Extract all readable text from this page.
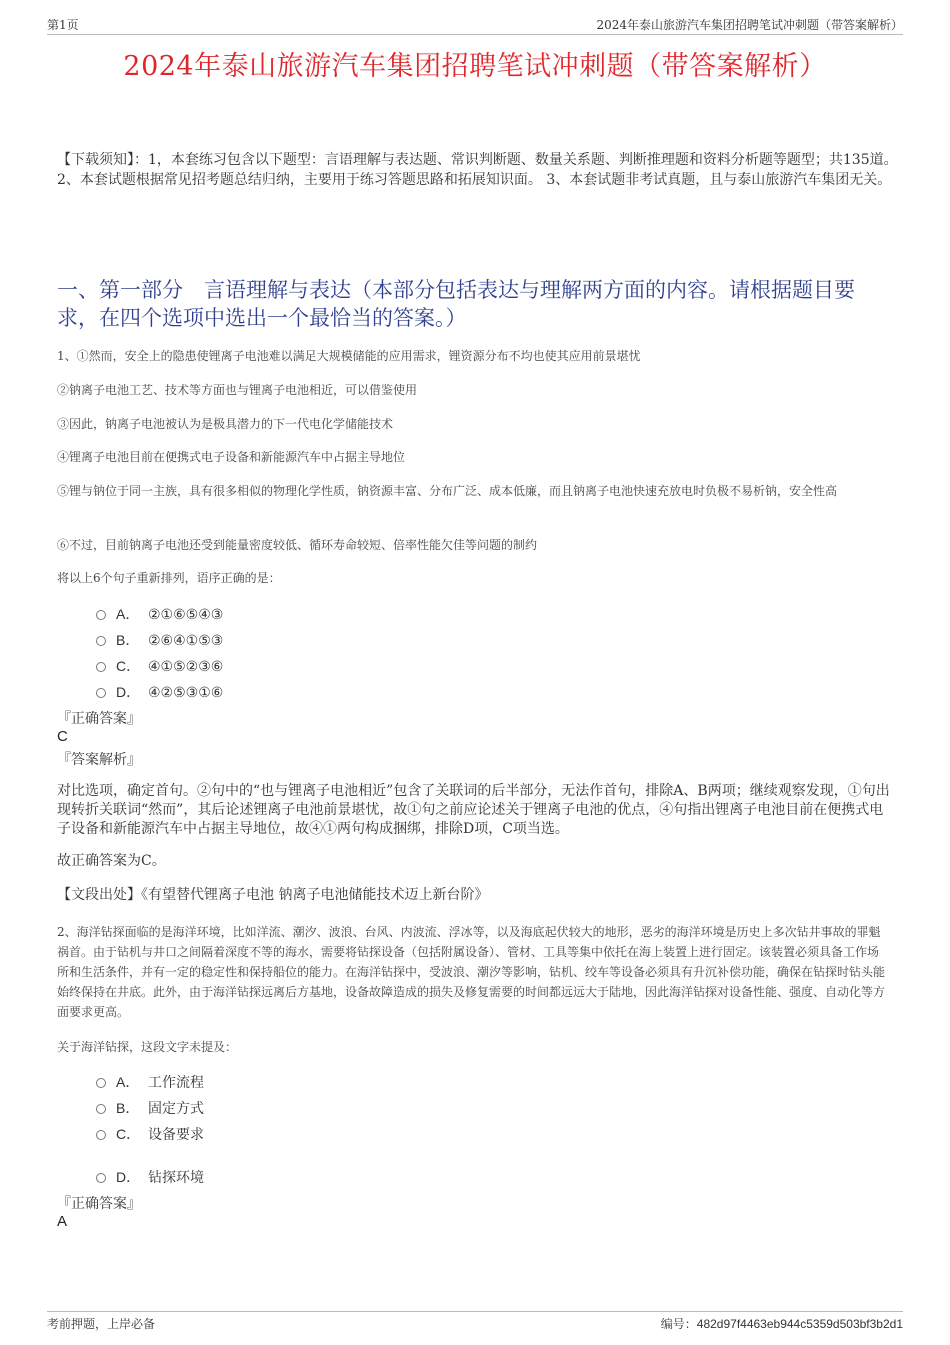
第1页	2024年泰山旅游汽车集团招聘笔试冲刺题（带答案解析）
2024年泰山旅游汽车集团招聘笔试冲刺题（带答案解析）
【下载须知】：1，本套练习包含以下题型：言语理解与表达题、常识判断题、数量关系题、判断推理题和资料分析题等题型；共135道。 2、本套试题根据常见招考题总结归纳，主要用于练习答题思路和拓展知识面。 3、本套试题非考试真题，且与泰山旅游汽车集团无关。
一、第一部分　言语理解与表达（本部分包括表达与理解两方面的内容。请根据题目要求，在四个选项中选出一个最恰当的答案。）
1、①然而，安全上的隐患使锂离子电池难以满足大规模储能的应用需求，锂资源分布不均也使其应用前景堪忧
②钠离子电池工艺、技术等方面也与锂离子电池相近，可以借鉴使用
③因此，钠离子电池被认为是极具潜力的下一代电化学储能技术
④锂离子电池目前在便携式电子设备和新能源汽车中占据主导地位
⑤锂与钠位于同一主族，具有很多相似的物理化学性质，钠资源丰富、分布广泛、成本低廉，而且钠离子电池快速充放电时负极不易析钠，安全性高
⑥不过，目前钠离子电池还受到能量密度较低、循环寿命较短、倍率性能欠佳等问题的制约
将以上6个句子重新排列，语序正确的是：
A． ②①⑥⑤④③
B． ②⑥④①⑤③
C． ④①⑤②③⑥
D． ④②⑤③①⑥
『正确答案』
C
『答案解析』
对比选项，确定首句。②句中的“也与锂离子电池相近”包含了关联词的后半部分，无法作首句，排除A、B两项；继续观察发现，①句出现转折关联词“然而”，其后论述锂离子电池前景堪忧，故①句之前应论述关于锂离子电池的优点，④句指出锂离子电池目前在便携式电子设备和新能源汽车中占据主导地位，故④①两句构成捆绑，排除D项，C项当选。
故正确答案为C。
【文段出处】《有望替代锂离子电池 钠离子电池储能技术迈上新台阶》
2、海洋钻探面临的是海洋环境，比如洋流、潮汐、波浪、台风、内波流、浮冰等，以及海底起伏较大的地形，恶劣的海洋环境是历史上多次钻井事故的罪魁祸首。由于钻机与井口之间隔着深度不等的海水，需要将钻探设备（包括附属设备）、管材、工具等集中依托在海上装置上进行固定。该装置必须具备工作场所和生活条件，并有一定的稳定性和保持船位的能力。在海洋钻探中，受波浪、潮汐等影响，钻机、绞车等设备必须具有升沉补偿功能，确保在钻探时钻头能始终保持在井底。此外，由于海洋钻探远离后方基地，设备故障造成的损失及修复需要的时间都远远大于陆地，因此海洋钻探对设备性能、强度、自动化等方面要求更高。
关于海洋钻探，这段文字未提及：
A． 工作流程
B． 固定方式
C． 设备要求
D． 钻探环境
『正确答案』
A
考前押题，上岸必备	编号：482d97f4463eb944c5359d503bf3b2d1
